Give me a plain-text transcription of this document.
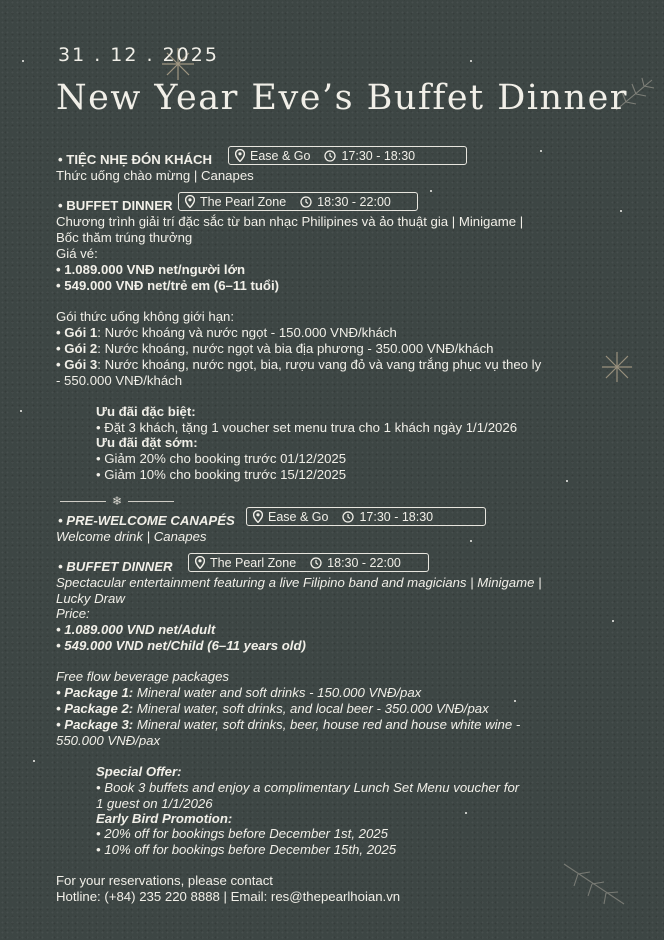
31 . 12 . 2025
New Year Eve’s Buffet Dinner
• TIỆC NHẸ ĐÓN KHÁCH	Ease & Go 17:30 - 18:30
Thức uống chào mừng | Canapes
• BUFFET DINNER The Pearl Zone 18:30 - 22:00
Chương trình giải trí đặc sắc từ ban nhạc Philipines và ảo thuật gia | Minigame |
Bốc thăm trúng thưởng
Giá vé:
• 1.089.000 VNĐ net/người lớn
• 549.000 VNĐ net/trẻ em (6–11 tuổi)
Gói thức uống không giới hạn:
• Gói 1: Nước khoáng và nước ngọt - 150.000 VNĐ/khách
• Gói 2: Nước khoáng, nước ngọt và bia địa phương - 350.000 VNĐ/khách
• Gói 3: Nước khoáng, nước ngọt, bia, rượu vang đỏ và vang trắng phục vụ theo ly
- 550.000 VNĐ/khách
Ưu đãi đặc biệt:
• Đặt 3 khách, tặng 1 voucher set menu trưa cho 1 khách ngày 1/1/2026
Ưu đãi đặt sớm:
• Giảm 20% cho booking trước 01/12/2025
• Giảm 10% cho booking trước 15/12/2025
❄
• PRE-WELCOME CANAPÉS	Ease & Go 17:30 - 18:30
Welcome drink | Canapes
• BUFFET DINNER	The Pearl Zone 18:30 - 22:00
Spectacular entertainment featuring a live Filipino band and magicians | Minigame |
Lucky Draw
Price:
• 1.089.000 VND net/Adult
• 549.000 VND net/Child (6–11 years old)
Free flow beverage packages
• Package 1: Mineral water and soft drinks - 150.000 VNĐ/pax
• Package 2: Mineral water, soft drinks, and local beer - 350.000 VNĐ/pax
• Package 3: Mineral water, soft drinks, beer, house red and house white wine -
550.000 VNĐ/pax
Special Offer:
• Book 3 buffets and enjoy a complimentary Lunch Set Menu voucher for
1 guest on 1/1/2026
Early Bird Promotion:
• 20% off for bookings before December 1st, 2025
• 10% off for bookings before December 15th, 2025
For your reservations, please contact
Hotline: (+84) 235 220 8888 | Email: res@thepearlhoian.vn
